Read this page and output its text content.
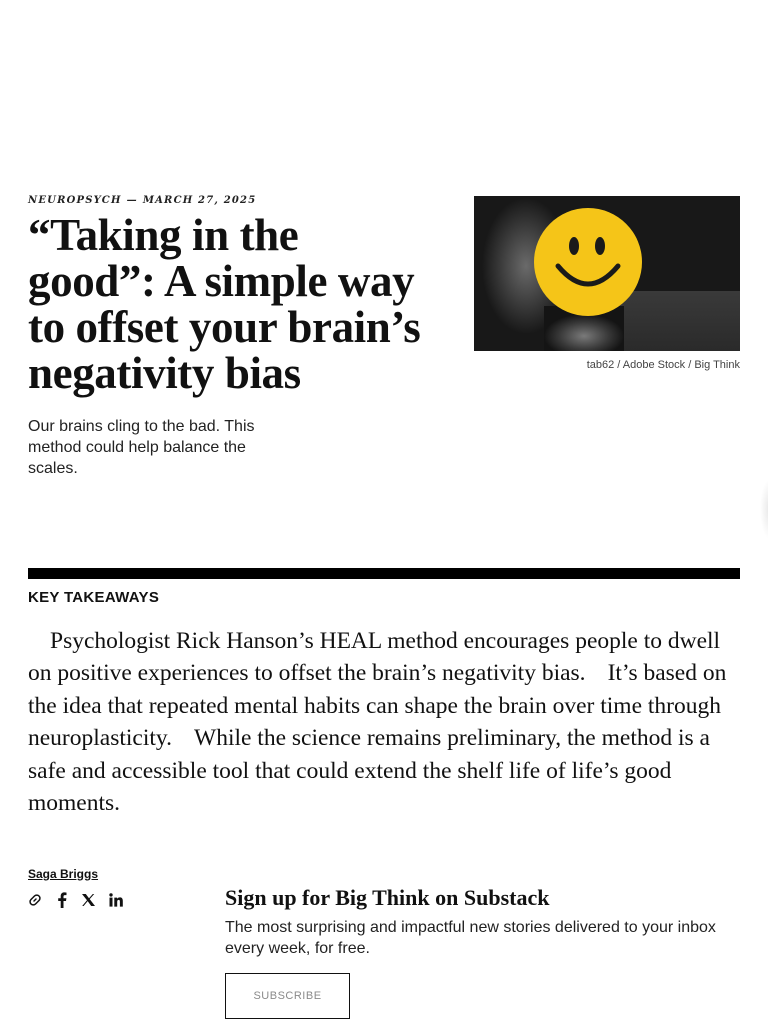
NEUROPSYCH — MARCH 27, 2025
“Taking in the good”: A simple way to offset your brain’s negativity bias

Our brains cling to the bad. This method could help balance the scales.

tab62 / Adobe Stock / Big Think
KEY TAKEAWAYS

Psychologist Rick Hanson’s HEAL method encourages people to dwell on positive experiences to offset the brain’s negativity bias. It’s based on the idea that repeated mental habits can shape the brain over time through neuroplasticity. While the science remains preliminary, the method is a safe and accessible tool that could extend the shelf life of life’s good moments.

Saga Briggs
Sign up for Big Think on Substack

The most surprising and impactful new stories delivered to your inbox every week, for free.

SUBSCRIBE
